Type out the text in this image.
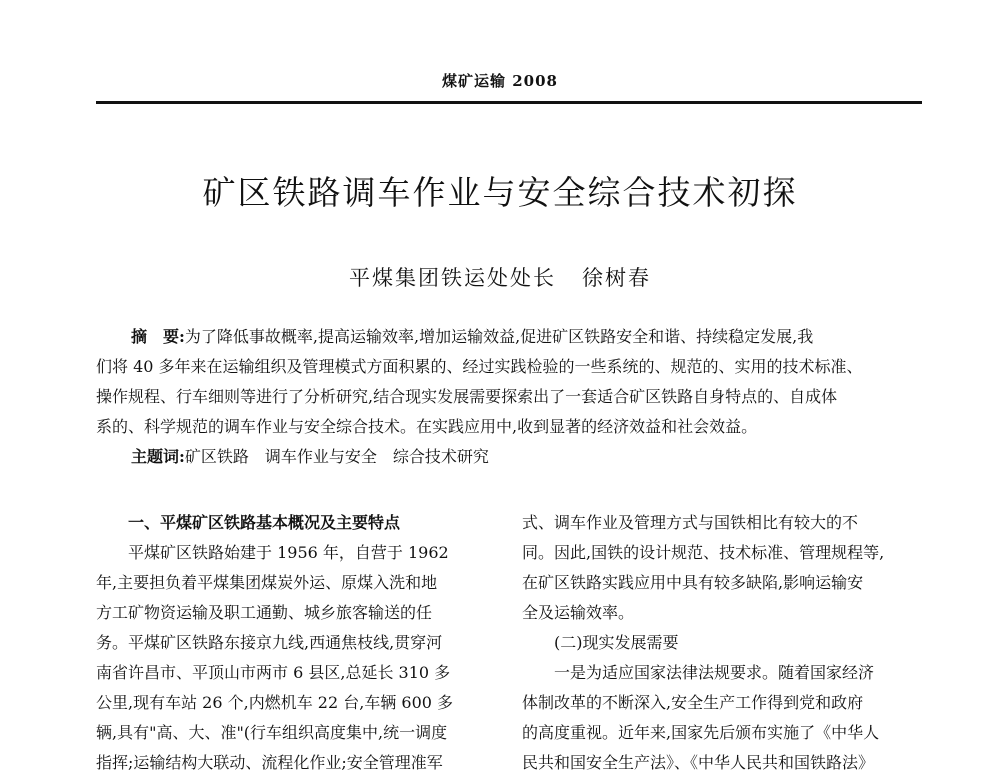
煤矿运输 2008
矿区铁路调车作业与安全综合技术初探
平煤集团铁运处处长 徐树春
摘　要:为了降低事故概率,提高运输效率,增加运输效益,促进矿区铁路安全和谐、持续稳定发展,我
们将 40 多年来在运输组织及管理模式方面积累的、经过实践检验的一些系统的、规范的、实用的技术标准、
操作规程、行车细则等进行了分析研究,结合现实发展需要探索出了一套适合矿区铁路自身特点的、自成体
系的、科学规范的调车作业与安全综合技术。在实践应用中,收到显著的经济效益和社会效益。
主题词:矿区铁路　调车作业与安全　综合技术研究
一、平煤矿区铁路基本概况及主要特点
平煤矿区铁路始建于 1956 年，自营于 1962
年,主要担负着平煤集团煤炭外运、原煤入洗和地
方工矿物资运输及职工通勤、城乡旅客输送的任
务。平煤矿区铁路东接京九线,西通焦枝线,贯穿河
南省许昌市、平顶山市两市 6 县区,总延长 310 多
公里,现有车站 26 个,内燃机车 22 台,车辆 600 多
辆,具有"高、大、准"(行车组织高度集中,统一调度
指挥;运输结构大联动、流程化作业;安全管理准军
式、调车作业及管理方式与国铁相比有较大的不
同。因此,国铁的设计规范、技术标准、管理规程等,
在矿区铁路实践应用中具有较多缺陷,影响运输安
全及运输效率。
(二)现实发展需要
一是为适应国家法律法规要求。随着国家经济
体制改革的不断深入,安全生产工作得到党和政府
的高度重视。近年来,国家先后颁布实施了《中华人
民共和国安全生产法》、《中华人民共和国铁路法》
